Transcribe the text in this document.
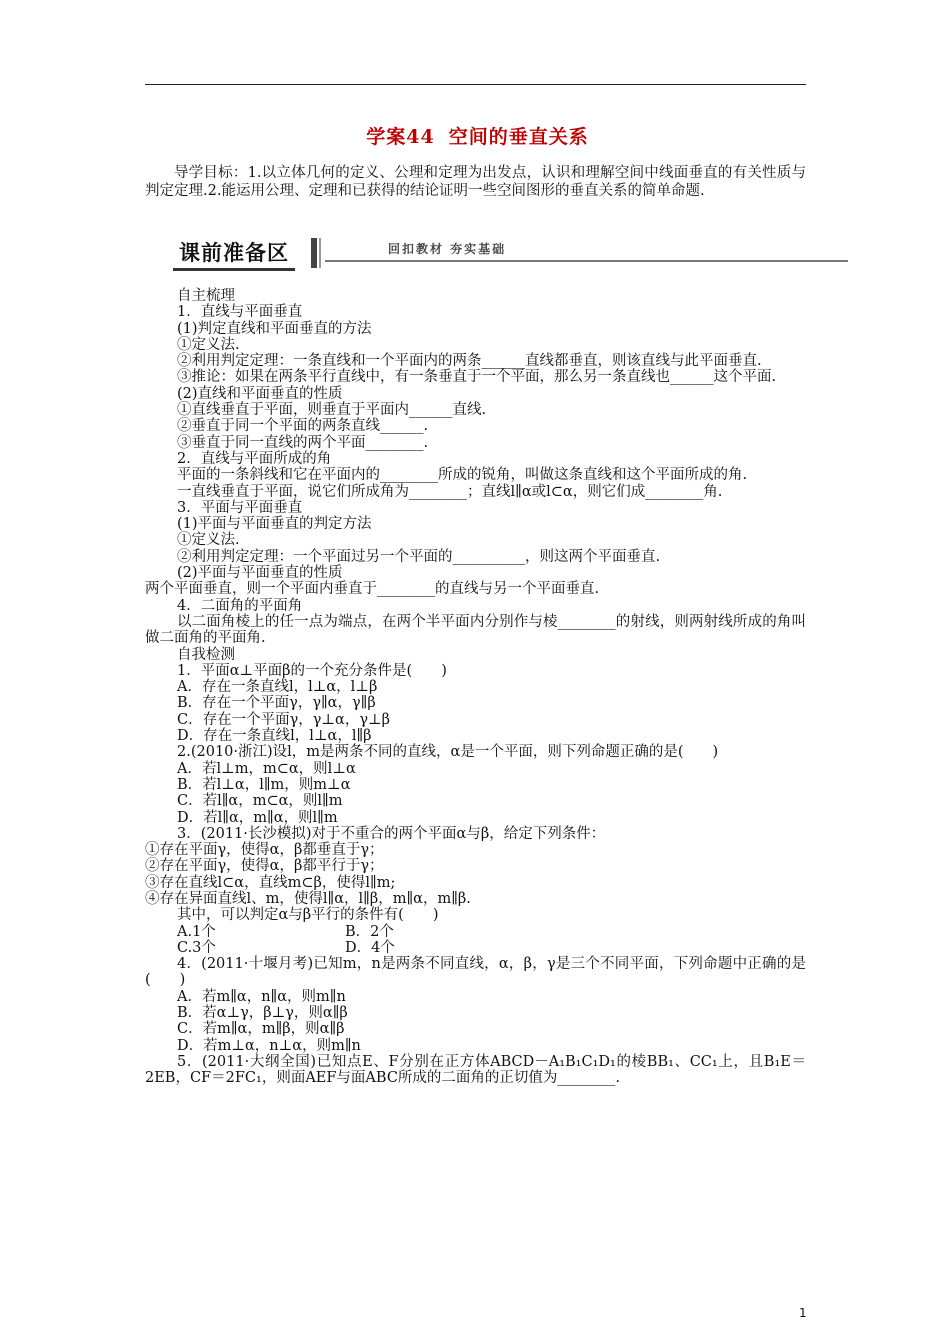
学案44 空间的垂直关系
导学目标：1.以立体几何的定义、公理和定理为出发点，认识和理解空间中线面垂直的有关性质与判定定理.2.能运用公理、定理和已获得的结论证明一些空间图形的垂直关系的简单命题.
课前准备区	回扣教材 夯实基础
自主梳理
1．直线与平面垂直
(1)判定直线和平面垂直的方法
①定义法.
②利用判定定理：一条直线和一个平面内的两条______直线都垂直，则该直线与此平面垂直.
③推论：如果在两条平行直线中，有一条垂直于一个平面，那么另一条直线也______这个平面.
(2)直线和平面垂直的性质
①直线垂直于平面，则垂直于平面内______直线.
②垂直于同一个平面的两条直线______.
③垂直于同一直线的两个平面________.
2．直线与平面所成的角
平面的一条斜线和它在平面内的________所成的锐角，叫做这条直线和这个平面所成的角.
一直线垂直于平面，说它们所成角为________；直线l∥α或l⊂α，则它们成________角.
3．平面与平面垂直
(1)平面与平面垂直的判定方法
①定义法.
②利用判定定理：一个平面过另一个平面的__________，则这两个平面垂直.
(2)平面与平面垂直的性质
两个平面垂直，则一个平面内垂直于________的直线与另一个平面垂直.
4．二面角的平面角
以二面角棱上的任一点为端点，在两个半平面内分别作与棱________的射线，则两射线所成的角叫做二面角的平面角.
自我检测
1．平面α⊥平面β的一个充分条件是(　　)
A．存在一条直线l，l⊥α，l⊥β
B．存在一个平面γ，γ∥α，γ∥β
C．存在一个平面γ，γ⊥α，γ⊥β
D．存在一条直线l，l⊥α，l∥β
2.(2010·浙江)设l，m是两条不同的直线，α是一个平面，则下列命题正确的是(　　)
A．若l⊥m，m⊂α，则l⊥α
B．若l⊥α，l∥m，则m⊥α
C．若l∥α，m⊂α，则l∥m
D．若l∥α，m∥α，则l∥m
3．(2011·长沙模拟)对于不重合的两个平面α与β，给定下列条件：
①存在平面γ，使得α，β都垂直于γ；
②存在平面γ，使得α，β都平行于γ；
③存在直线l⊂α，直线m⊂β，使得l∥m;
④存在异面直线l、m，使得l∥α，l∥β，m∥α，m∥β.
其中，可以判定α与β平行的条件有(　　)
A.1个	B．2个
C.3个	D．4个
4．(2011·十堰月考)已知m，n是两条不同直线，α，β，γ是三个不同平面，下列命题中正确的是(　　)
A．若m∥α，n∥α，则m∥n
B．若α⊥γ，β⊥γ，则α∥β
C．若m∥α，m∥β，则α∥β
D．若m⊥α，n⊥α，则m∥n
5．(2011·大纲全国)已知点E、F分别在正方体ABCD－A₁B₁C₁D₁的棱BB₁、CC₁上，且B₁E＝2EB，CF＝2FC₁，则面AEF与面ABC所成的二面角的正切值为________.
1
